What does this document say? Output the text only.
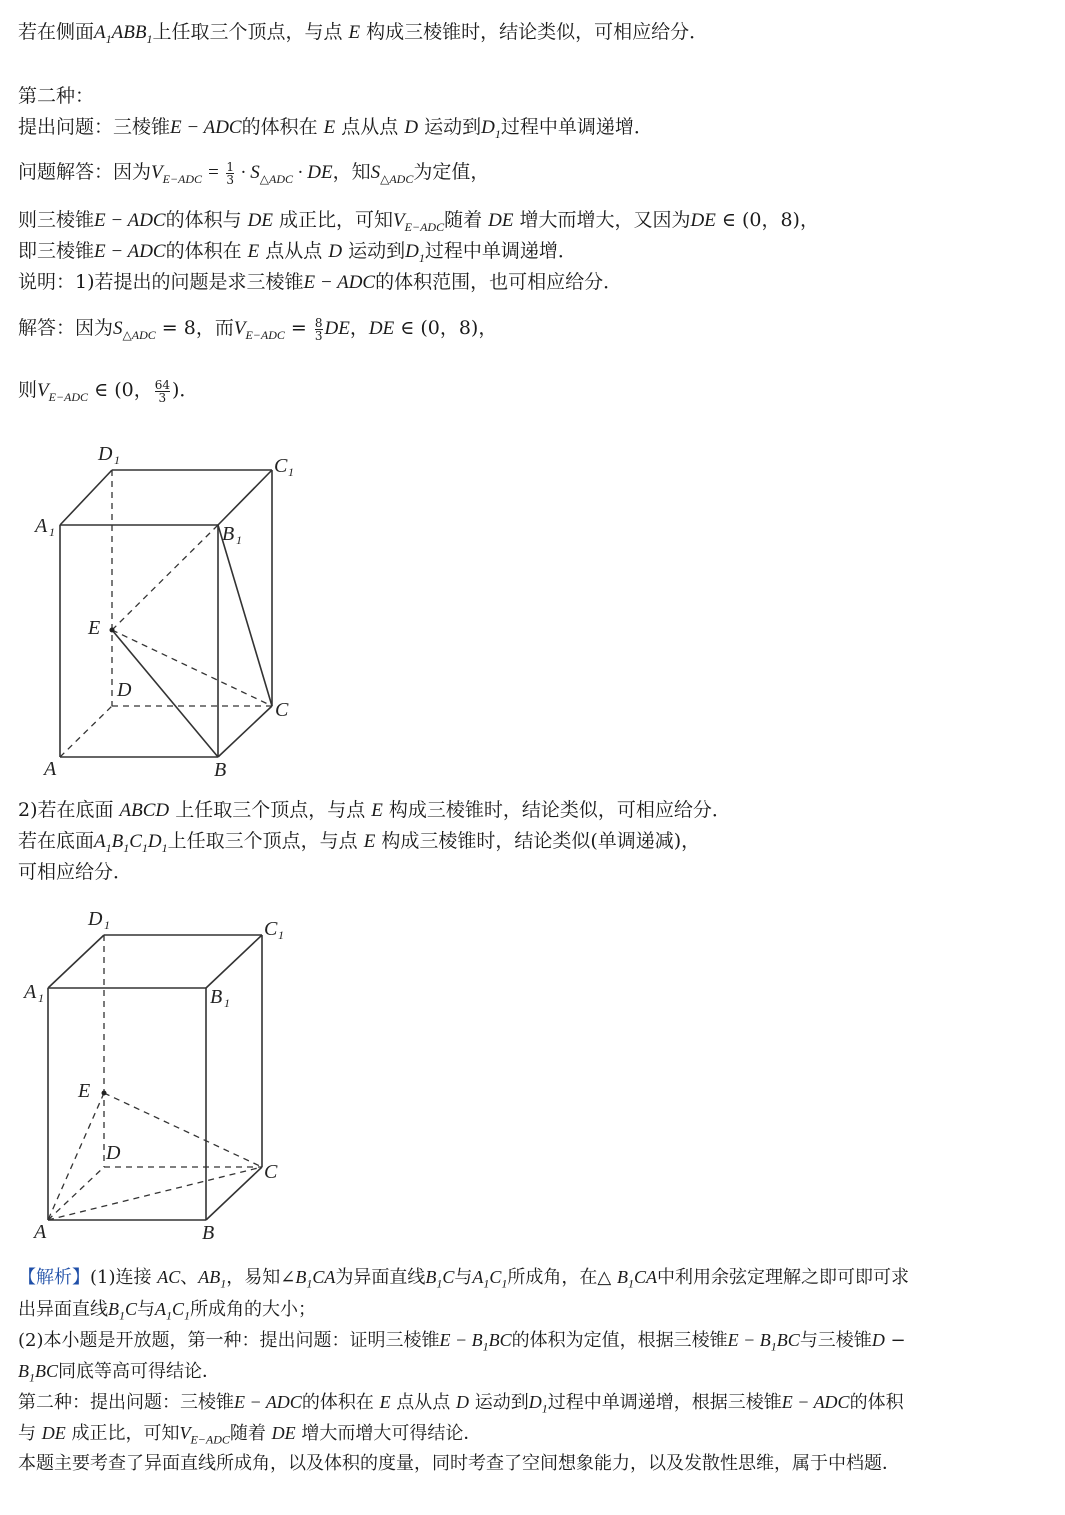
若在侧面$A_1ABB_1$上任取三个顶点，与点 E 构成三棱锥时，结论类似，可相应给分．
第二种：
提出问题：三棱锥E − ADC的体积在 E 点从点 D 运动到$D_1$过程中单调递增．
问题解答：因为$V_{E-ADC} = \frac{1}{3} \cdot S_{\triangle ADC}$ · DE，知$S_{\triangle ADC}$为定值，
则三棱锥E − ADC的体积与 DE 成正比，可知$V_{E-ADC}$随着 DE 增大而增大，又因为DE ∈ (0，8)，
即三棱锥E − ADC的体积在 E 点从点 D 运动到$D_1$过程中单调递增．
说明：1)若提出的问题是求三棱锥E − ADC的体积范围，也可相应给分．
解答：因为$S_{\triangle ADC} = 8$，而$V_{E-ADC} = \frac{8}{3}$ DE，DE ∈ (0，8)，
则$V_{E-ADC}$ ∈ (0， $\frac{64}{3}$ )．
D 1	C 1
A 1	B 1
E
D
C
A	B
2)若在底面 ABCD 上任取三个顶点，与点 E 构成三棱锥时，结论类似，可相应给分．
若在底面$A_1B_1C_1D_1$上任取三个顶点，与点 E 构成三棱锥时，结论类似(单调递减)，
可相应给分．
D 1	C 1
A 1	B 1
E
D
C
A	B
【解析】(1)连接 AC、$AB_1$，易知$\angle B_1CA$为异面直线$B_1C$与$A_1C_1$所成角，在△ $B_1CA$中利用余弦定理解之即可即可求
出异面直线$B_1C$与$A_1C_1$所成角的大小；
(2)本小题是开放题，第一种：提出问题：证明三棱锥$E - B_1BC$的体积为定值，根据三棱锥$E - B_1BC$与三棱锥D −
$B_1BC$同底等高可得结论．
第二种：提出问题：三棱锥E − ADC的体积在 E 点从点 D 运动到$D_1$过程中单调递增，根据三棱锥E − ADC的体积
与 DE 成正比，可知$V_{E-ADC}$随着 DE 增大而增大可得结论．
本题主要考查了异面直线所成角，以及体积的度量，同时考查了空间想象能力，以及发散性思维，属于中档题．
